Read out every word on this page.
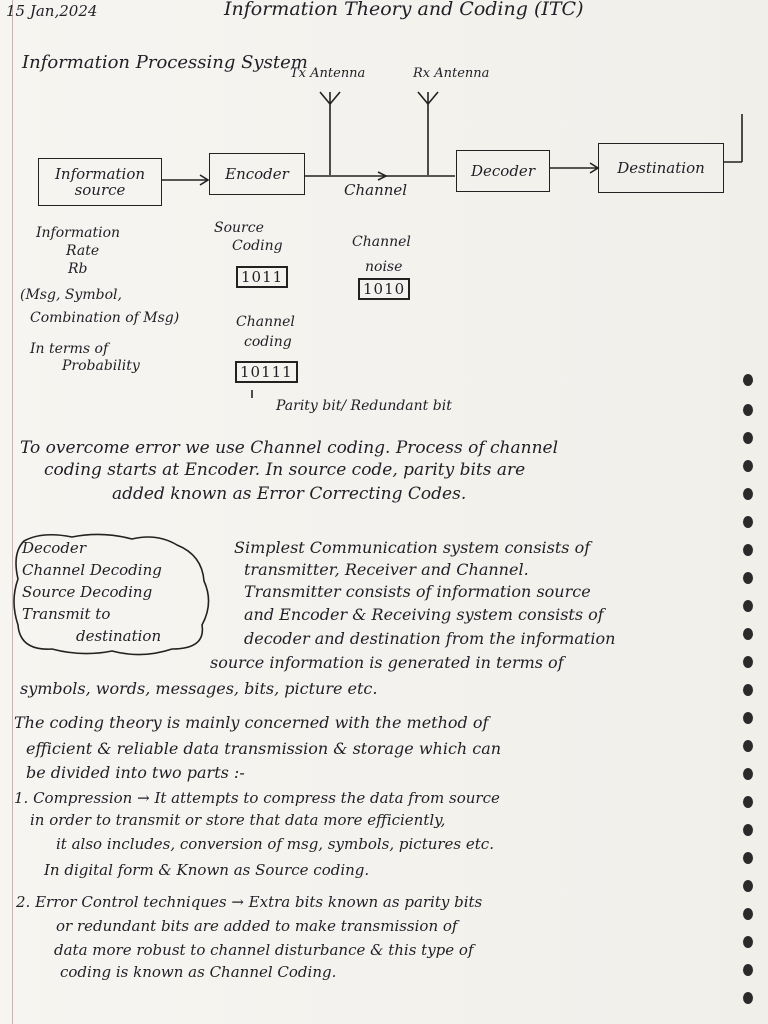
15 Jan,2024	Information Theory and Coding (ITC)
Information Processing System
Tx Antenna	Rx Antenna
Information source
Encoder	Decoder	Destination
Channel
Information
Rate
Rb
(Msg, Symbol,
Combination of Msg)
In terms of
Probability
Source
Coding
1011
Channel
noise
1010
Channel
coding
10111
Parity bit/ Redundant bit
To overcome error we use Channel coding. Process of channel
coding starts at Encoder. In source code, parity bits are
added known as Error Correcting Codes.
Decoder
Channel Decoding
Source Decoding
Transmit to
destination
Simplest Communication system consists of
transmitter, Receiver and Channel.
Transmitter consists of information source
and Encoder & Receiving system consists of
decoder and destination from the information
source information is generated in terms of
symbols, words, messages, bits, picture etc.
The coding theory is mainly concerned with the method of
efficient & reliable data transmission & storage which can
be divided into two parts :-
1. Compression → It attempts to compress the data from source
in order to transmit or store that data more efficiently,
it also includes, conversion of msg, symbols, pictures etc.
In digital form & Known as Source coding.
2. Error Control techniques → Extra bits known as parity bits
or redundant bits are added to make transmission of
data more robust to channel disturbance & this type of
coding is known as Channel Coding.
